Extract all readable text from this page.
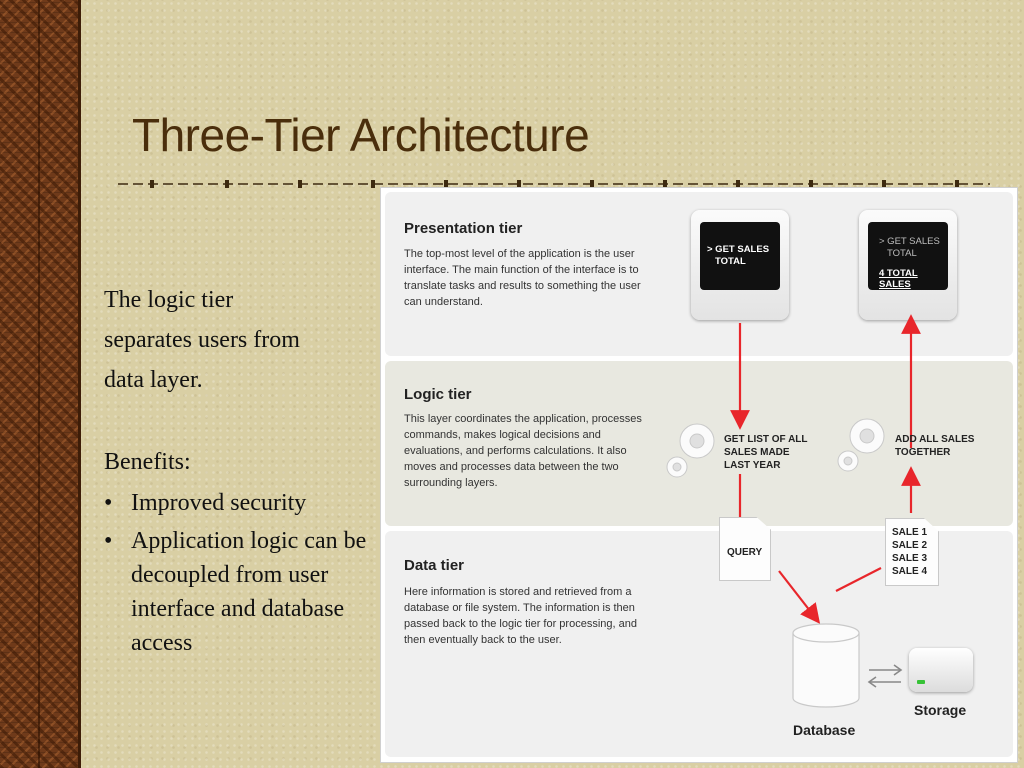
Three-Tier Architecture

The logic tier

separates users from

data layer.

Benefits:

• Improved security
• Application logic can be decoupled from user interface and database access

Presentation tier

The top-most level of the application is the user interface. The main function of the interface is to translate tasks and results to something the user can understand.

Logic tier

This layer coordinates the application, processes commands, makes logical decisions and evaluations, and performs calculations. It also moves and processes data between the two surrounding layers.

Data tier

Here information is stored and retrieved from a database or file system. The information is then passed back to the logic tier for processing, and then eventually back to the user.

> GET SALES
TOTAL
> GET SALES
TOTAL
4 TOTAL SALES
GET LIST OF ALL
SALES MADE
LAST YEAR
ADD ALL SALES
TOGETHER
QUERY
SALE 1
SALE 2
SALE 3
SALE 4
Database
Storage
